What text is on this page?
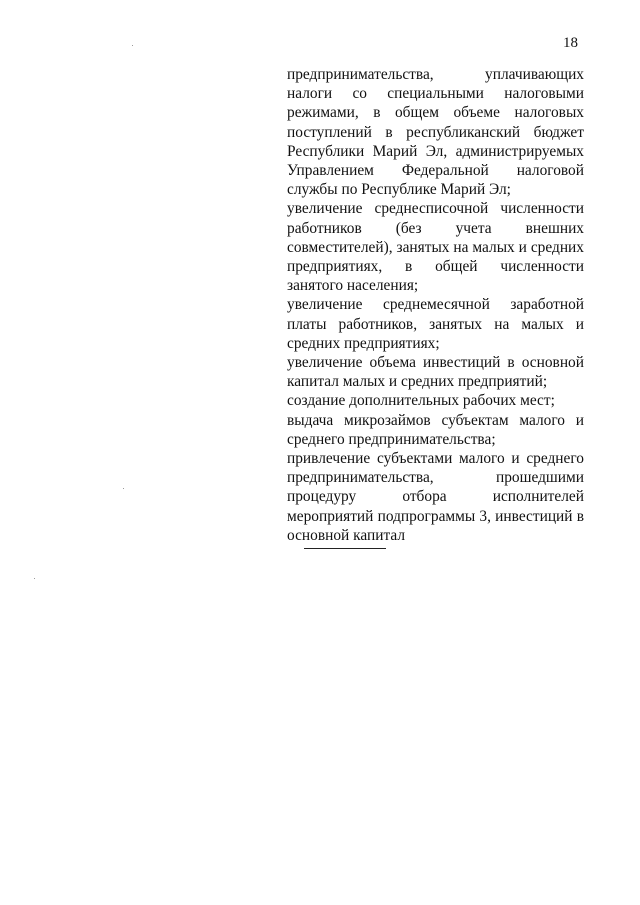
18

предпринимательства, уплачивающих налоги со специальными налоговыми режимами, в общем объеме налоговых поступлений в республиканский бюджет Республики Марий Эл, администрируемых Управлением Федеральной налоговой службы по Республике Марий Эл;

увеличение среднесписочной численности работников (без учета внешних совместителей), занятых на малых и средних предприятиях, в общей численности занятого населения;

увеличение среднемесячной заработной платы работников, занятых на малых и средних предприятиях;

увеличение объема инвестиций в основной капитал малых и средних предприятий;

создание дополнительных рабочих мест;

выдача микрозаймов субъектам малого и среднего предпринимательства;

привлечение субъектами малого и среднего предпринимательства, прошедшими процедуру отбора исполнителей мероприятий подпрограммы 3, инвестиций в основной капитал
